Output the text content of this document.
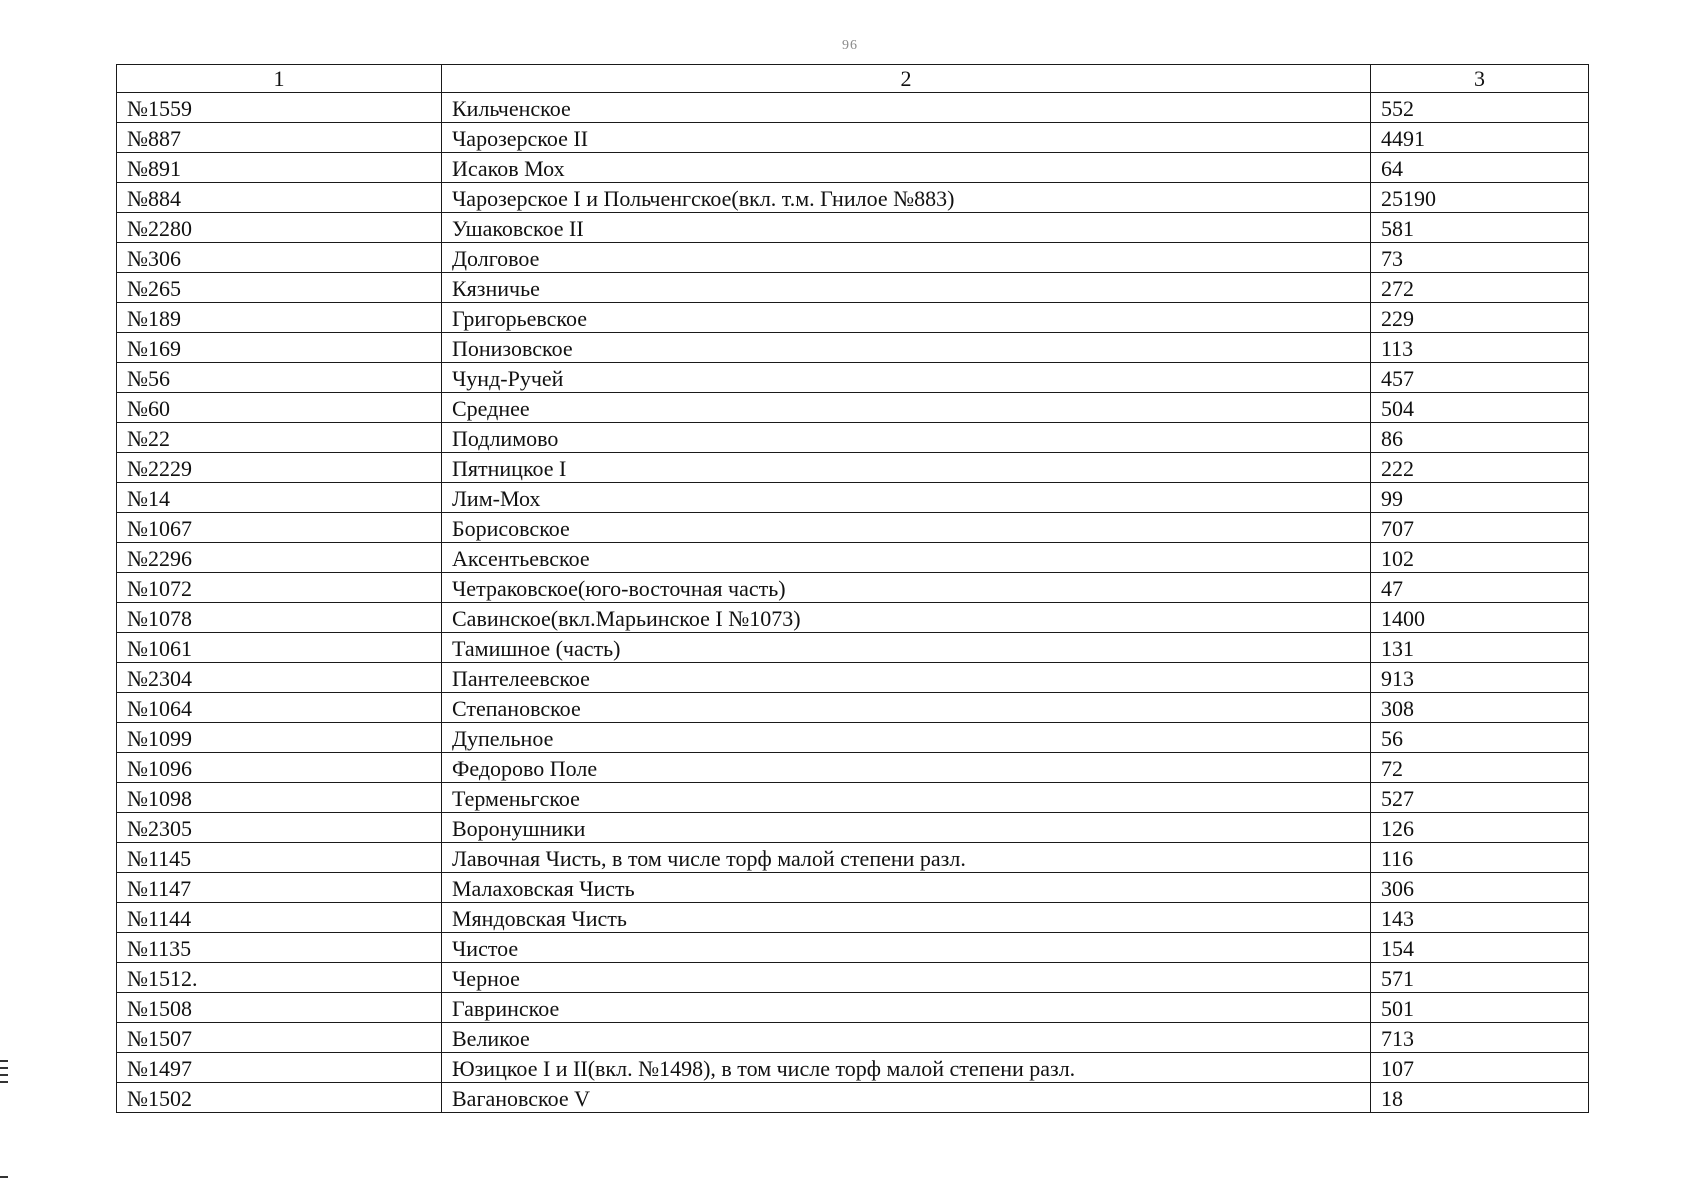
96
1	2	3
№1559	Кильченское	552
№887	Чарозерское II	4491
№891	Исаков Мох	64
№884	Чарозерское I и Польченгское(вкл. т.м. Гнилое №883)	25190
№2280	Ушаковское II	581
№306	Долговое	73
№265	Кязничье	272
№189	Григорьевское	229
№169	Понизовское	113
№56	Чунд-Ручей	457
№60	Среднее	504
№22	Подлимово	86
№2229	Пятницкое I	222
№14	Лим-Мох	99
№1067	Борисовское	707
№2296	Аксентьевское	102
№1072	Четраковское(юго-восточная часть)	47
№1078	Савинское(вкл.Марьинское I №1073)	1400
№1061	Тамишное (часть)	131
№2304	Пантелеевское	913
№1064	Степановское	308
№1099	Дупельное	56
№1096	Федорово Поле	72
№1098	Терменьгское	527
№2305	Воронушники	126
№1145	Лавочная Чисть, в том числе торф малой степени разл.	116
№1147	Малаховская Чисть	306
№1144	Мяндовская Чисть	143
№1135	Чистое	154
№1512.	Черное	571
№1508	Гавринское	501
№1507	Великое	713
№1497	Юзицкое I и II(вкл. №1498), в том числе торф малой степени разл.	107
№1502	Вагановское V	18
